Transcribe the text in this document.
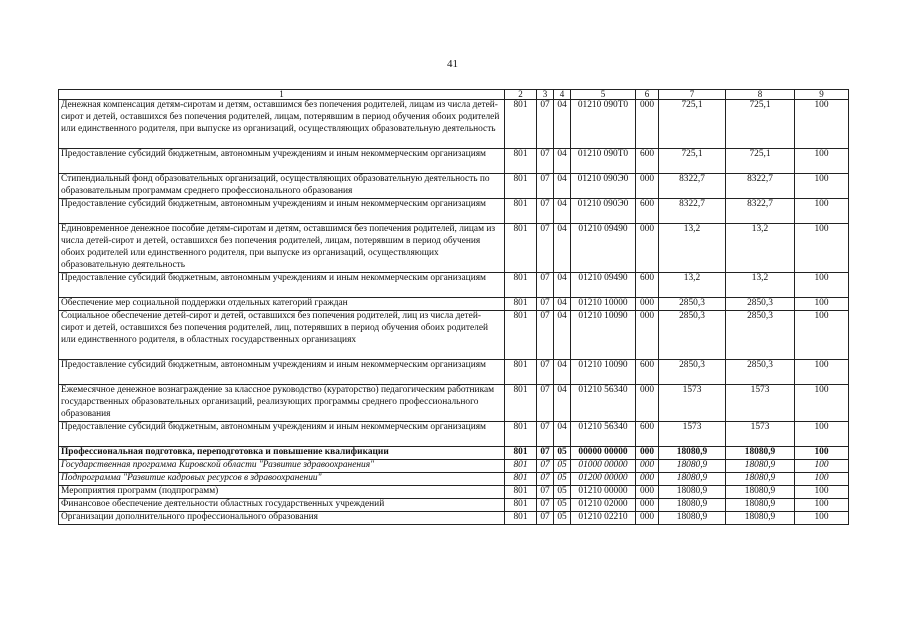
41
1	2	3	4	5	6	7	8	9
Денежная компенсация детям-сиротам и детям, оставшимся без попечения родителей, лицам из числа детей-сирот и детей, оставшихся без попечения родителей, лицам, потерявшим в период обучения обоих родителей или единственного родителя, при выпуске из организаций, осуществляющих образовательную деятельность	801	07	04	01210 090Т0	000	725,1	725,1	100
Предоставление субсидий бюджетным, автономным учреждениям и иным некоммерческим организациям	801	07	04	01210 090Т0	600	725,1	725,1	100
Стипендиальный фонд образовательных организаций, осуществляющих образовательную деятельность по образовательным программам среднего профессионального образования	801	07	04	01210 090Э0	000	8322,7	8322,7	100
Предоставление субсидий бюджетным, автономным учреждениям и иным некоммерческим организациям	801	07	04	01210 090Э0	600	8322,7	8322,7	100
Единовременное денежное пособие детям-сиротам и детям, оставшимся без попечения родителей, лицам из числа детей-сирот и детей, оставшихся без попечения родителей, лицам, потерявшим в период обучения обоих родителей или единственного родителя, при выпуске из организаций, осуществляющих образовательную деятельность	801	07	04	01210 09490	000	13,2	13,2	100
Предоставление субсидий бюджетным, автономным учреждениям и иным некоммерческим организациям	801	07	04	01210 09490	600	13,2	13,2	100
Обеспечение мер социальной поддержки отдельных категорий граждан	801	07	04	01210 10000	000	2850,3	2850,3	100
Социальное обеспечение детей-сирот и детей, оставшихся без попечения родителей, лиц из числа детей-сирот и детей, оставшихся без попечения родителей, лиц, потерявших в период обучения обоих родителей или единственного родителя, в областных государственных организациях	801	07	04	01210 10090	000	2850,3	2850,3	100
Предоставление субсидий бюджетным, автономным учреждениям и иным некоммерческим организациям	801	07	04	01210 10090	600	2850,3	2850,3	100
Ежемесячное денежное вознаграждение за классное руководство (кураторство) педагогическим работникам государственных образовательных организаций, реализующих программы среднего профессионального образования	801	07	04	01210 56340	000	1573	1573	100
Предоставление субсидий бюджетным, автономным учреждениям и иным некоммерческим организациям	801	07	04	01210 56340	600	1573	1573	100
Профессиональная подготовка, переподготовка и повышение квалификации	801	07	05	00000 00000	000	18080,9	18080,9	100
Государственная программа Кировской области "Развитие здравоохранения"	801	07	05	01000 00000	000	18080,9	18080,9	100
Подпрограмма "Развитие кадровых ресурсов в здравоохранении"	801	07	05	01200 00000	000	18080,9	18080,9	100
Мероприятия программ (подпрограмм)	801	07	05	01210 00000	000	18080,9	18080,9	100
Финансовое обеспечение деятельности областных государственных учреждений	801	07	05	01210 02000	000	18080,9	18080,9	100
Организации дополнительного профессионального образования	801	07	05	01210 02210	000	18080,9	18080,9	100
